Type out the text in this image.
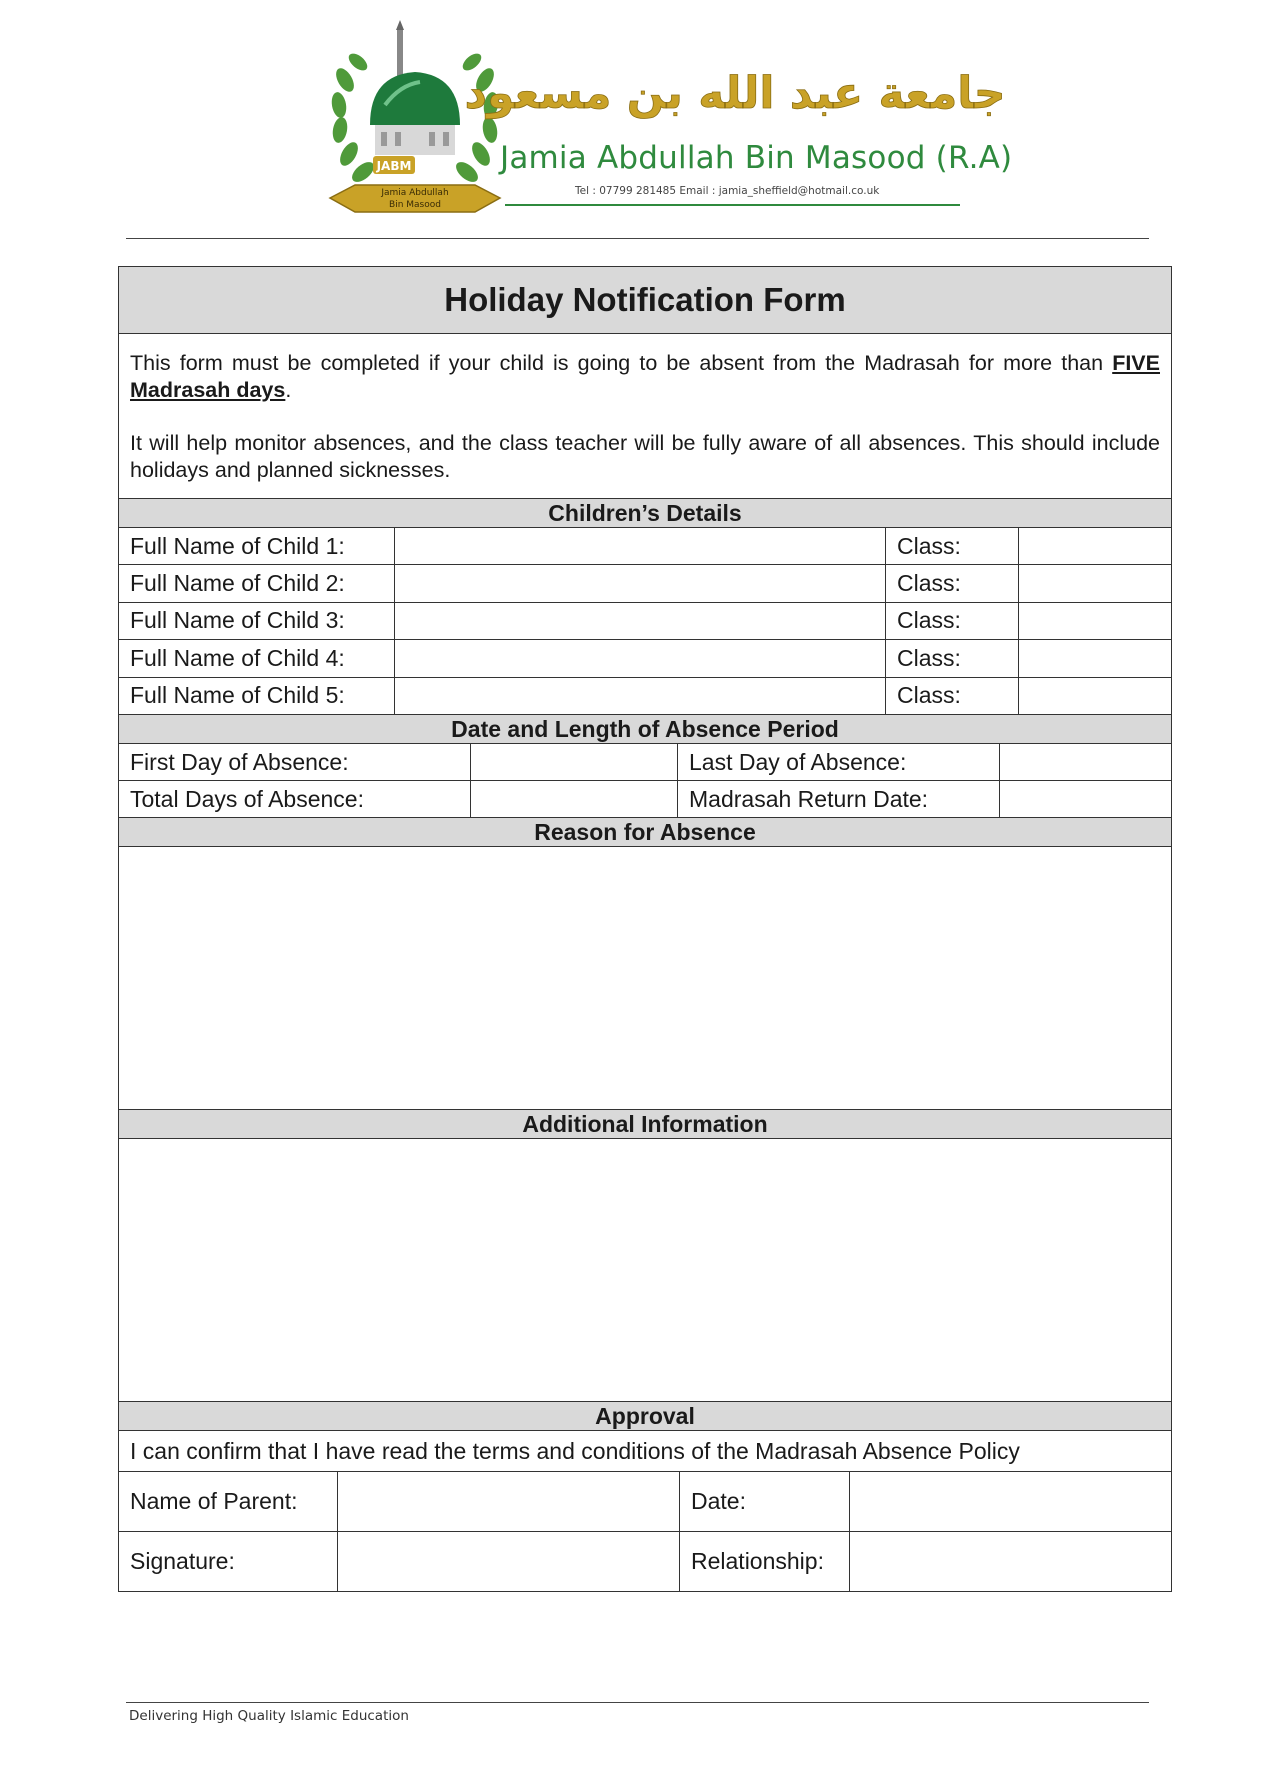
JABM
Jamia Abdullah
Bin Masood
جامعة عبد الله بن مسعود
Jamia Abdullah Bin Masood (R.A)
Tel : 07799 281485 Email : jamia_sheffield@hotmail.co.uk
Holiday Notification Form

This form must be completed if your child is going to be absent from the Madrasah for more than FIVE Madrasah days.

It will help monitor absences, and the class teacher will be fully aware of all absences. This should include holidays and planned sicknesses.

Children’s Details
Full Name of Child 1:	Class:
Full Name of Child 2:	Class:
Full Name of Child 3:	Class:
Full Name of Child 4:	Class:
Full Name of Child 5:	Class:
Date and Length of Absence Period
First Day of Absence:	Last Day of Absence:
Total Days of Absence:	Madrasah Return Date:
Reason for Absence
Additional Information
Approval
I can confirm that I have read the terms and conditions of the Madrasah Absence Policy
Name of Parent:	Date:
Signature:	Relationship:
Delivering High Quality Islamic Education
